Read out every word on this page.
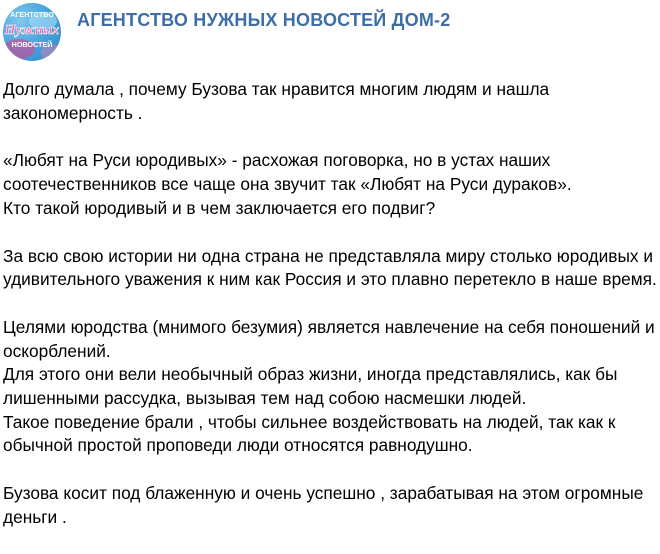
АГЕНТСТВО
Нужных
НОВОСТЕЙ
АГЕНТСТВО НУЖНЫХ НОВОСТЕЙ ДОМ-2

Долго думала , почему Бузова так нравится многим людям и нашла
закономерность .

«Любят на Руси юродивых» - расхожая поговорка, но в устах наших
соотечественников все чаще она звучит так «Любят на Руси дураков».
Кто такой юродивый и в чем заключается его подвиг?

За всю свою истории ни одна страна не представляла миру столько юродивых и
удивительного уважения к ним как Россия и это плавно перетекло в наше время.

Целями юродства (мнимого безумия) является навлечение на себя поношений и
оскорблений.
Для этого они вели необычный образ жизни, иногда представлялись, как бы
лишенными рассудка, вызывая тем над собою насмешки людей.
Такое поведение брали , чтобы сильнее воздействовать на людей, так как к
обычной простой проповеди люди относятся равнодушно.

Бузова косит под блаженную и очень успешно , зарабатывая на этом огромные
деньги .
